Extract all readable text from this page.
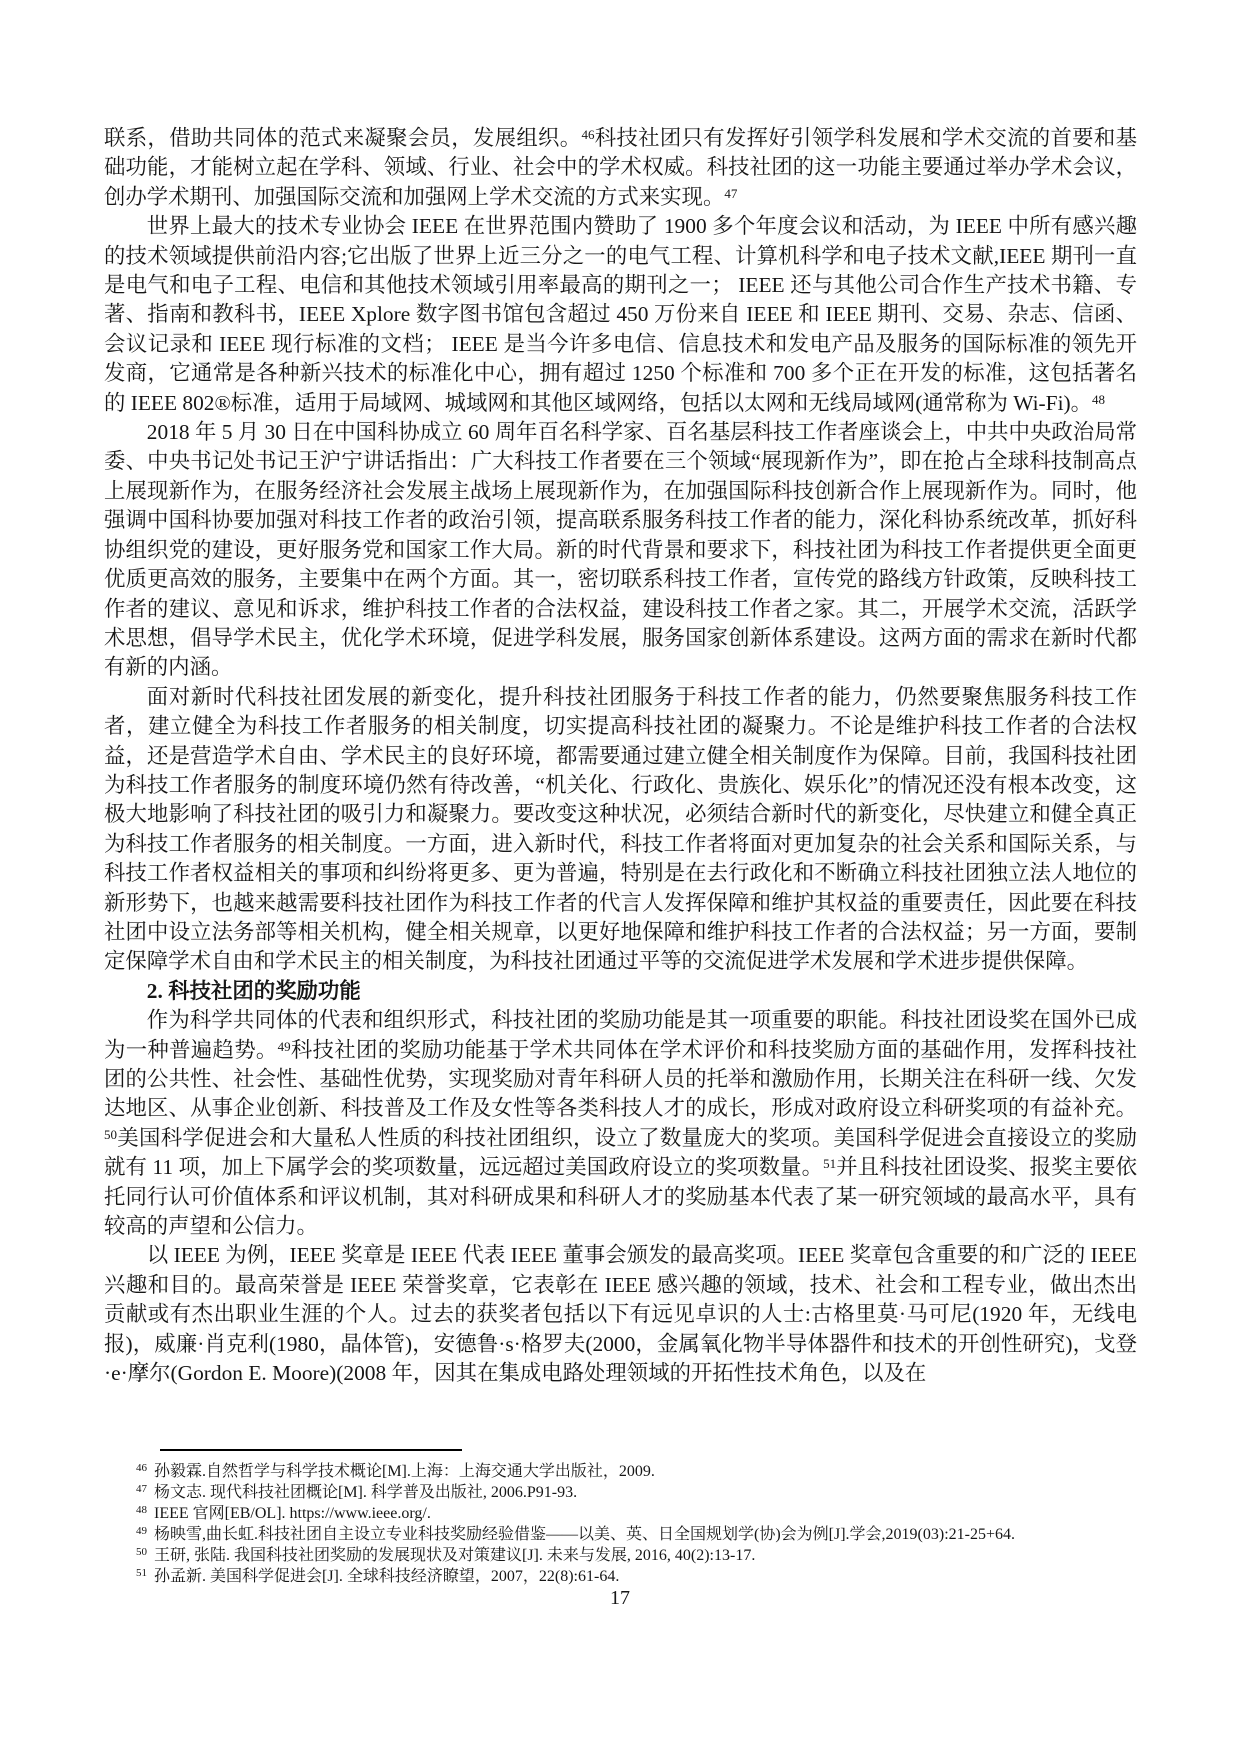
联系，借助共同体的范式来凝聚会员，发展组织。$^{46}$科技社团只有发挥好引领学科发展和学术交流的首要和基础功能，才能树立起在学科、领域、行业、社会中的学术权威。科技社团的这一功能主要通过举办学术会议，创办学术期刊、加强国际交流和加强网上学术交流的方式来实现。$^{47}$

世界上最大的技术专业协会 IEEE 在世界范围内赞助了 1900 多个年度会议和活动，为 IEEE 中所有感兴趣的技术领域提供前沿内容;它出版了世界上近三分之一的电气工程、计算机科学和电子技术文献,IEEE 期刊一直是电气和电子工程、电信和其他技术领域引用率最高的期刊之一； IEEE 还与其他公司合作生产技术书籍、专著、指南和教科书，IEEE Xplore 数字图书馆包含超过 450 万份来自 IEEE 和 IEEE 期刊、交易、杂志、信函、会议记录和 IEEE 现行标准的文档； IEEE 是当今许多电信、信息技术和发电产品及服务的国际标准的领先开发商，它通常是各种新兴技术的标准化中心，拥有超过 1250 个标准和 700 多个正在开发的标准，这包括著名的 IEEE 802®标准，适用于局域网、城域网和其他区域网络，包括以太网和无线局域网(通常称为 Wi-Fi)。$^{48}$

2018 年 5 月 30 日在中国科协成立 60 周年百名科学家、百名基层科技工作者座谈会上，中共中央政治局常委、中央书记处书记王沪宁讲话指出：广大科技工作者要在三个领域“展现新作为”，即在抢占全球科技制高点上展现新作为，在服务经济社会发展主战场上展现新作为，在加强国际科技创新合作上展现新作为。同时，他强调中国科协要加强对科技工作者的政治引领，提高联系服务科技工作者的能力，深化科协系统改革，抓好科协组织党的建设，更好服务党和国家工作大局。新的时代背景和要求下，科技社团为科技工作者提供更全面更优质更高效的服务，主要集中在两个方面。其一，密切联系科技工作者，宣传党的路线方针政策，反映科技工作者的建议、意见和诉求，维护科技工作者的合法权益，建设科技工作者之家。其二，开展学术交流，活跃学术思想，倡导学术民主，优化学术环境，促进学科发展，服务国家创新体系建设。这两方面的需求在新时代都有新的内涵。

面对新时代科技社团发展的新变化，提升科技社团服务于科技工作者的能力，仍然要聚焦服务科技工作者，建立健全为科技工作者服务的相关制度，切实提高科技社团的凝聚力。不论是维护科技工作者的合法权益，还是营造学术自由、学术民主的良好环境，都需要通过建立健全相关制度作为保障。目前，我国科技社团为科技工作者服务的制度环境仍然有待改善，“机关化、行政化、贵族化、娱乐化”的情况还没有根本改变，这极大地影响了科技社团的吸引力和凝聚力。要改变这种状况，必须结合新时代的新变化，尽快建立和健全真正为科技工作者服务的相关制度。一方面，进入新时代，科技工作者将面对更加复杂的社会关系和国际关系，与科技工作者权益相关的事项和纠纷将更多、更为普遍，特别是在去行政化和不断确立科技社团独立法人地位的新形势下，也越来越需要科技社团作为科技工作者的代言人发挥保障和维护其权益的重要责任，因此要在科技社团中设立法务部等相关机构，健全相关规章，以更好地保障和维护科技工作者的合法权益；另一方面，要制定保障学术自由和学术民主的相关制度，为科技社团通过平等的交流促进学术发展和学术进步提供保障。

2. 科技社团的奖励功能

作为科学共同体的代表和组织形式，科技社团的奖励功能是其一项重要的职能。科技社团设奖在国外已成为一种普遍趋势。$^{49}$科技社团的奖励功能基于学术共同体在学术评价和科技奖励方面的基础作用，发挥科技社团的公共性、社会性、基础性优势，实现奖励对青年科研人员的托举和激励作用，长期关注在科研一线、欠发达地区、从事企业创新、科技普及工作及女性等各类科技人才的成长，形成对政府设立科研奖项的有益补充。$^{50}$美国科学促进会和大量私人性质的科技社团组织，设立了数量庞大的奖项。美国科学促进会直接设立的奖励就有 11 项，加上下属学会的奖项数量，远远超过美国政府设立的奖项数量。$^{51}$并且科技社团设奖、报奖主要依托同行认可价值体系和评议机制，其对科研成果和科研人才的奖励基本代表了某一研究领域的最高水平，具有较高的声望和公信力。

以 IEEE 为例，IEEE 奖章是 IEEE 代表 IEEE 董事会颁发的最高奖项。IEEE 奖章包含重要的和广泛的 IEEE 兴趣和目的。最高荣誉是 IEEE 荣誉奖章，它表彰在 IEEE 感兴趣的领域，技术、社会和工程专业，做出杰出贡献或有杰出职业生涯的个人。过去的获奖者包括以下有远见卓识的人士:古格里莫·马可尼(1920 年，无线电报)，威廉·肖克利(1980，晶体管)，安德鲁·s·格罗夫(2000，金属氧化物半导体器件和技术的开创性研究)，戈登·e·摩尔(Gordon E. Moore)(2008 年，因其在集成电路处理领域的开拓性技术角色，以及在

$^{46}$ 孙毅霖.自然哲学与科学技术概论[M].上海：上海交通大学出版社，2009.
$^{47}$ 杨文志. 现代科技社团概论[M]. 科学普及出版社, 2006.P91-93.
$^{48}$ IEEE 官网[EB/OL]. https://www.ieee.org/.
$^{49}$ 杨映雪,曲长虹.科技社团自主设立专业科技奖励经验借鉴——以美、英、日全国规划学(协)会为例[J].学会,2019(03):21-25+64.
$^{50}$ 王研, 张陆. 我国科技社团奖励的发展现状及对策建议[J]. 未来与发展, 2016, 40(2):13-17.
$^{51}$ 孙孟新. 美国科学促进会[J]. 全球科技经济瞭望，2007，22(8):61-64.
17
